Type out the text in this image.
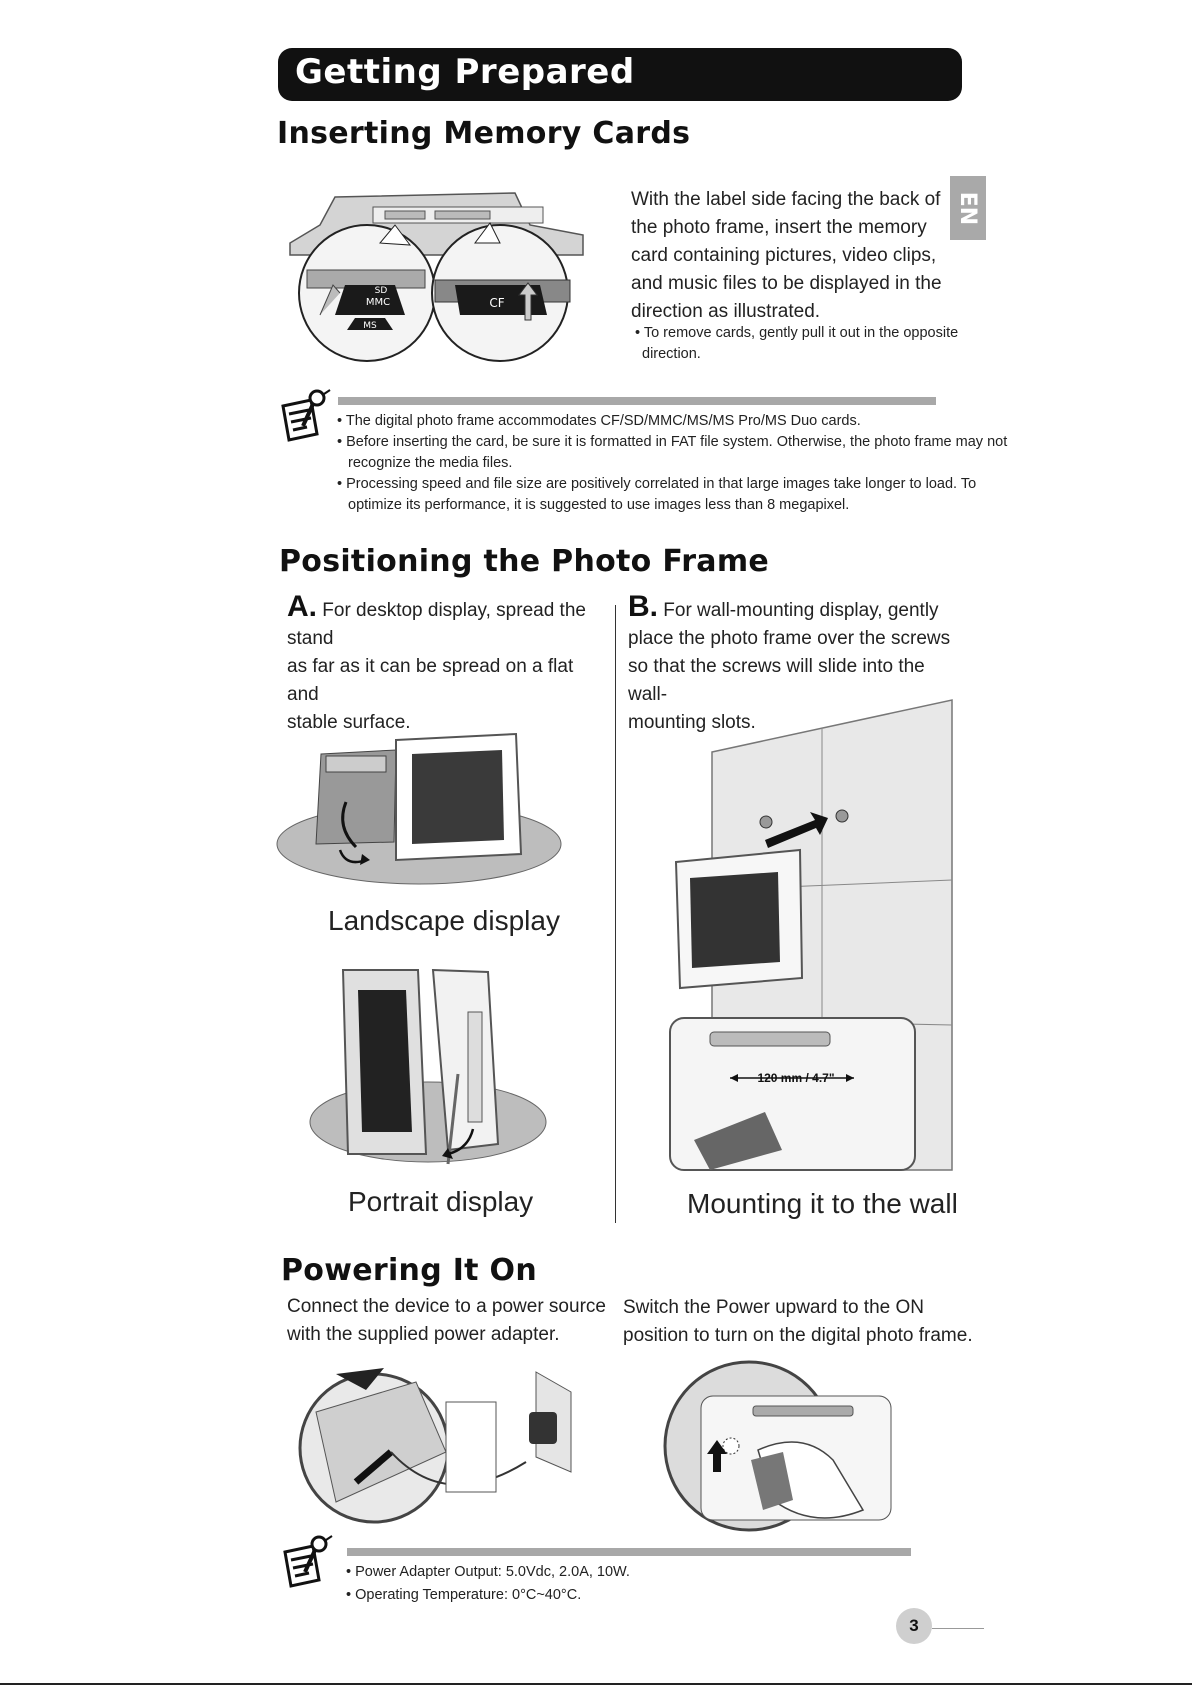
Getting Prepared
EN
Inserting Memory Cards
SD
MMC
MS
CF
With the label side facing the back of
the photo frame, insert the memory
card containing pictures, video clips,
and music files to be displayed in the
direction as illustrated.
• To remove cards, gently pull it out in the opposite
direction.
• The digital photo frame accommodates CF/SD/MMC/MS/MS Pro/MS Duo cards.
• Before inserting the card, be sure it is formatted in FAT file system. Otherwise, the photo frame may not
recognize the media files.
• Processing speed and file size are positively correlated in that large images take longer to load. To
optimize its performance, it is suggested to use images less than 8 megapixel.
Positioning the Photo Frame
A. For desktop display, spread the stand
as far as it can be spread on a flat and
stable surface.
B. For wall-mounting display, gently
place the photo frame over the screws
so that the screws will slide into the wall-
mounting slots.
Landscape display
Portrait display
120 mm / 4.7"
Mounting it to the wall
Powering It On
Connect the device to a power source
with the supplied power adapter.
Switch the Power upward to the ON
position to turn on the digital photo frame.
• Power Adapter Output: 5.0Vdc, 2.0A, 10W.
• Operating Temperature: 0°C~40°C.
3
